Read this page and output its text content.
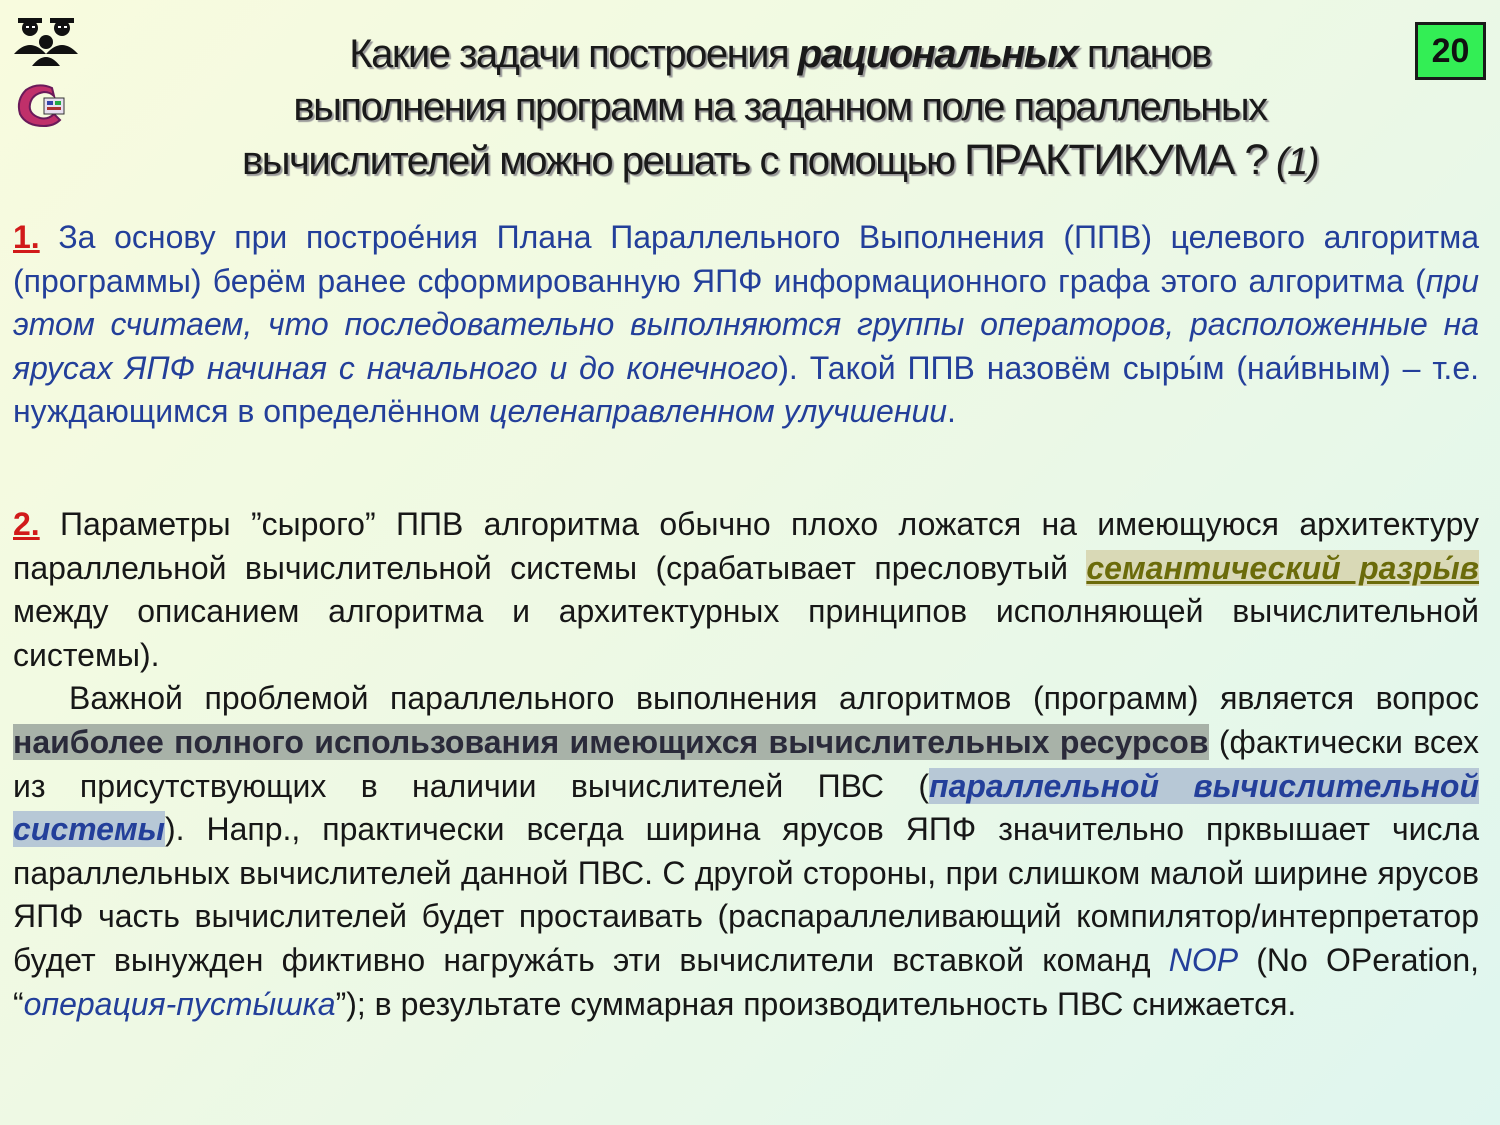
Какие задачи построения рациональных планов
выполнения программ на заданном поле параллельных
вычислителей можно решать с помощью ПРАКТИКУМА ? (1)
20

1. За основу при построе́ния Плана Параллельного Выполнения (ППВ) целевого алгоритма (программы) берём ранее сформированную ЯПФ информационного графа этого алгоритма (при этом считаем, что последовательно выполняются группы операторов, расположенные на ярусах ЯПФ начиная с начального и до конечного). Такой ППВ назовём сыры́м (наи́вным) – т.е. нуждающимся в определённом целенаправленном улучшении.

2. Параметры ”сырого” ППВ алгоритма обычно плохо ложатся на имеющуюся архитектуру параллельной вычислительной системы (срабатывает пресловутый семантический разры́в между описанием алгоритма и архитектурных принципов исполняющей вычислительной системы).

Важной проблемой параллельного выполнения алгоритмов (программ) является вопрос наиболее полного использования имеющихся вычислительных ресурсов (фактически всех из присутствующих в наличии вычислителей ПВС (параллельной вычислительной системы). Напр., практически всегда ширина ярусов ЯПФ значительно прквышает числа параллельных вычислителей данной ПВС. С другой стороны, при слишком малой ширине ярусов ЯПФ часть вычислителей будет простаивать (распараллеливающий компилятор/интерпретатор будет вынужден фиктивно нагружа́ть эти вычислители вставкой команд NOP (No OPeration, “операция-пусты́шка”); в результате суммарная производительность ПВС снижается.
